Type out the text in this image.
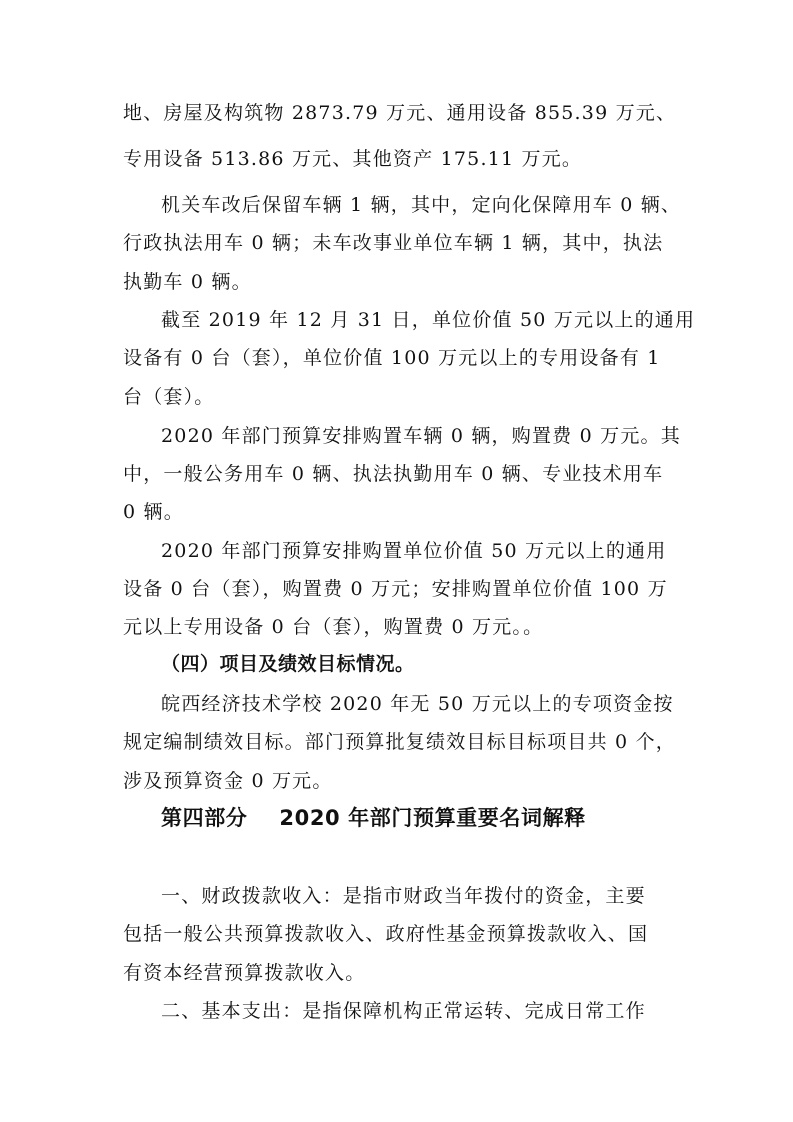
地、房屋及构筑物 2873.79 万元、通用设备 855.39 万元、
专用设备 513.86 万元、其他资产 175.11 万元。
机关车改后保留车辆 1 辆，其中，定向化保障用车 0 辆、
行政执法用车 0 辆；未车改事业单位车辆 1 辆，其中，执法
执勤车 0 辆。
截至 2019 年 12 月 31 日，单位价值 50 万元以上的通用
设备有 0 台（套），单位价值 100 万元以上的专用设备有 1
台（套）。
2020 年部门预算安排购置车辆 0 辆，购置费 0 万元。其
中，一般公务用车 0 辆、执法执勤用车 0 辆、专业技术用车
0 辆。
2020 年部门预算安排购置单位价值 50 万元以上的通用
设备 0 台（套），购置费 0 万元；安排购置单位价值 100 万
元以上专用设备 0 台（套），购置费 0 万元。。
（四）项目及绩效目标情况。
皖西经济技术学校 2020 年无 50 万元以上的专项资金按
规定编制绩效目标。部门预算批复绩效目标目标项目共 0 个，
涉及预算资金 0 万元。
第四部分 2020 年部门预算重要名词解释
一、财政拨款收入：是指市财政当年拨付的资金，主要
包括一般公共预算拨款收入、政府性基金预算拨款收入、国
有资本经营预算拨款收入。
二、基本支出：是指保障机构正常运转、完成日常工作
